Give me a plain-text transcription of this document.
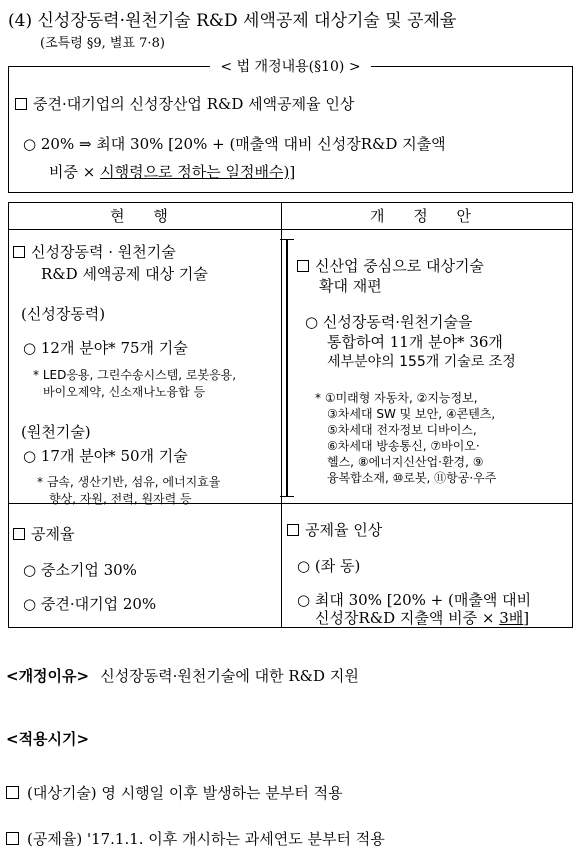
(4) 신성장동력·원천기술 R&D 세액공제 대상기술 및 공제율
(조특령 §9, 별표 7·8)
< 법 개정내용(§10) >
중견·대기업의 신성장산업 R&D 세액공제율 인상
○ 20% ⇒ 최대 30% [20% + (매출액 대비 신성장R&D 지출액
비중 × 시행령으로 정하는 일정배수)]
현 행	개 정 안
신성장동력 · 원천기술
R&D 세액공제 대상 기술
(신성장동력)
○ 12개 분야* 75개 기술
* LED응용, 그린수송시스템, 로봇응용,
바이오제약, 신소재나노융합 등
(원천기술)
○ 17개 분야* 50개 기술
* 금속, 생산기반, 섬유, 에너지효율
향상, 자원, 전력, 원자력 등
공제율
○ 중소기업 30%
○ 중견·대기업 20%
신산업 중심으로 대상기술
확대 재편
○ 신성장동력·원천기술을
통합하여 11개 분야* 36개
세부분야의 155개 기술로 조정
* ①미래형 자동차, ②지능정보,
③차세대 SW 및 보안, ④콘텐츠,
⑤차세대 전자정보 디바이스,
⑥차세대 방송통신, ⑦바이오·
헬스, ⑧에너지신산업·환경, ⑨
융복합소재, ⑩로봇, ⑪항공·우주
공제율 인상
○ (좌 동)
○ 최대 30% [20% + (매출액 대비
신성장R&D 지출액 비중 × 3배]
<개정이유> 신성장동력·원천기술에 대한 R&D 지원
<적용시기>
(대상기술) 영 시행일 이후 발생하는 분부터 적용
(공제율) '17.1.1. 이후 개시하는 과세연도 분부터 적용
